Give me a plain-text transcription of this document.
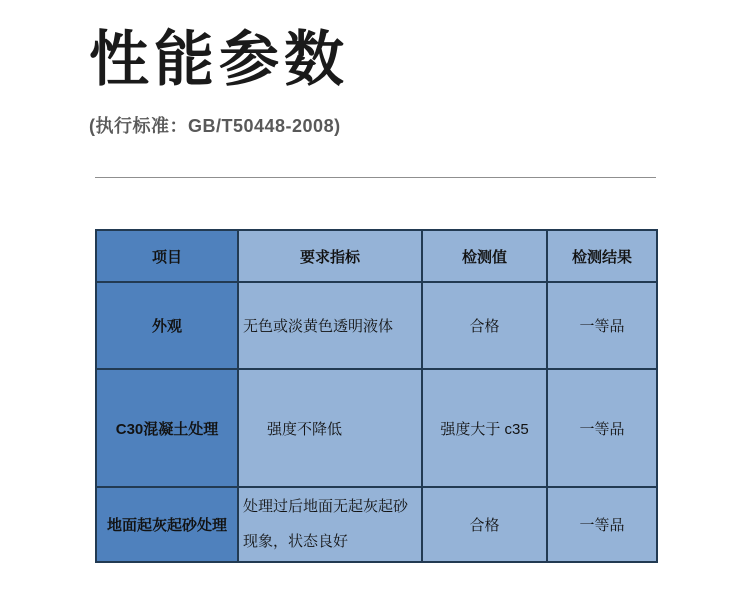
性能参数

(执行标准：GB/T50448-2008)

项目	要求指标	检测值	检测结果
外观	无色或淡黄色透明液体	合格	一等品
C30混凝土处理	强度不降低	强度大于 c35	一等品
地面起灰起砂处理	处理过后地面无起灰起砂现象，状态良好	合格	一等品
